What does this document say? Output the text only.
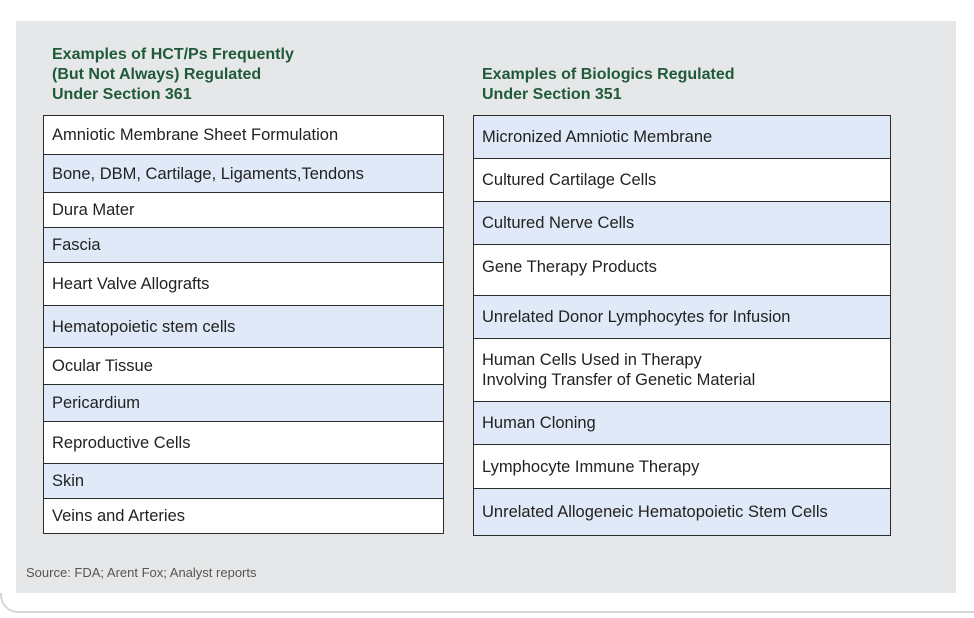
Examples of HCT/Ps Frequently
(But Not Always) Regulated
Under Section 361
Examples of Biologics Regulated
Under Section 351
Amniotic Membrane Sheet Formulation
Bone, DBM, Cartilage, Ligaments,Tendons
Dura Mater
Fascia
Heart Valve Allografts
Hematopoietic stem cells
Ocular Tissue
Pericardium
Reproductive Cells
Skin
Veins and Arteries
Micronized Amniotic Membrane
Cultured Cartilage Cells
Cultured Nerve Cells
Gene Therapy Products
Unrelated Donor Lymphocytes for Infusion
Human Cells Used in Therapy
Involving Transfer of Genetic Material
Human Cloning
Lymphocyte Immune Therapy
Unrelated Allogeneic Hematopoietic Stem Cells
Source: FDA; Arent Fox; Analyst reports
